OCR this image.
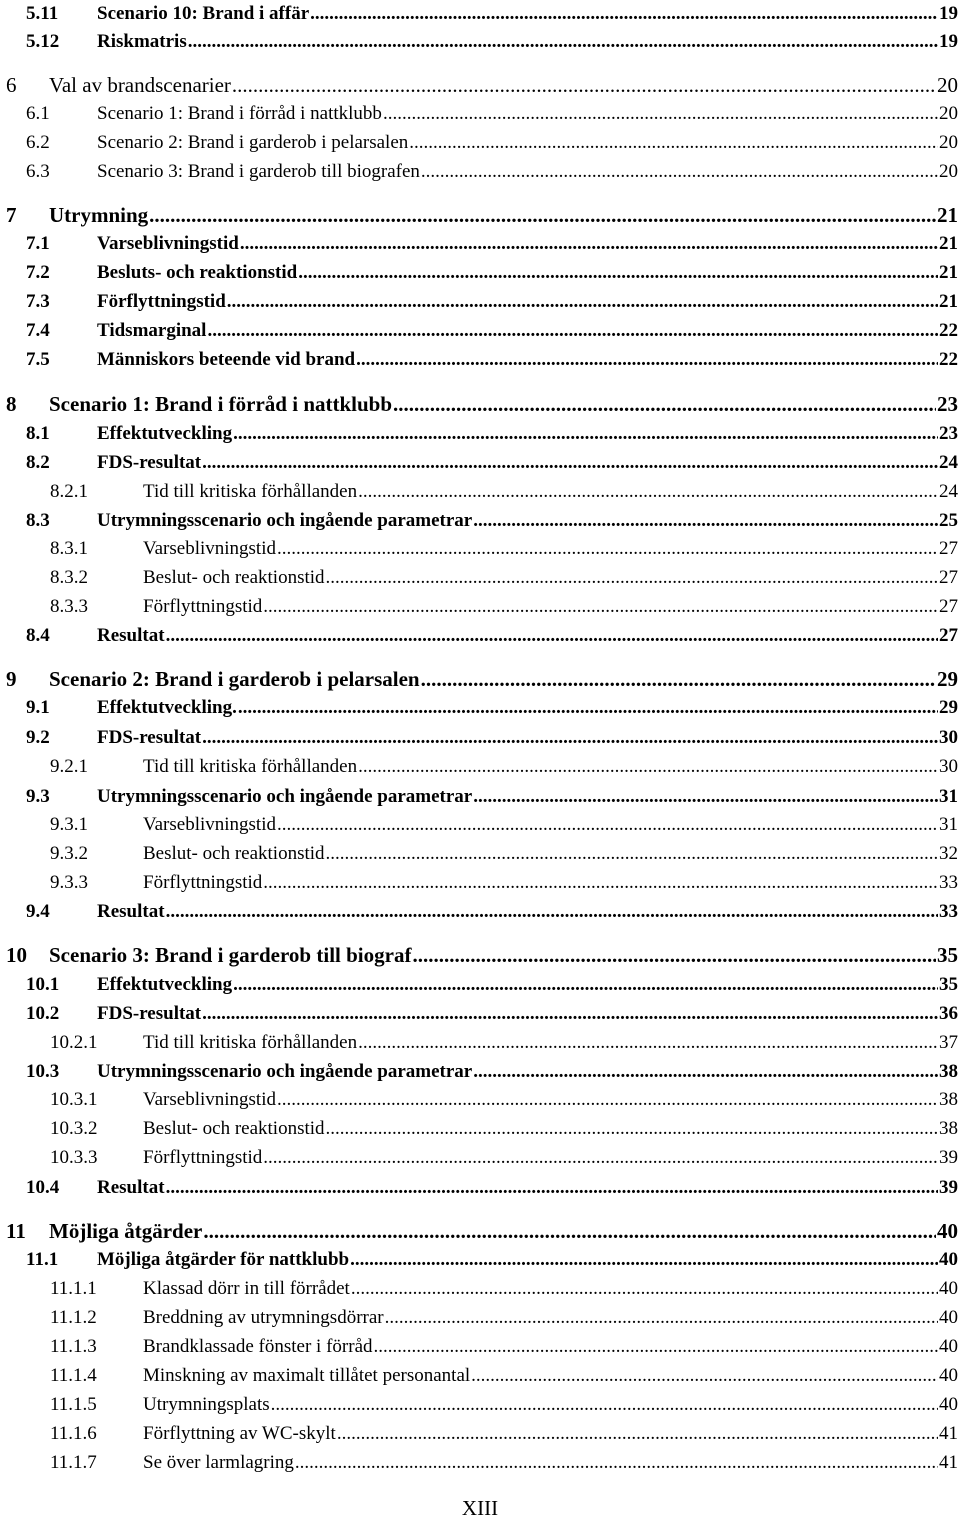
5.11 Scenario 10: Brand i affär .....	19
5.12 Riskmatris .....	19
6 Val av brandscenarier .....	20
6.1 Scenario 1: Brand i förråd i nattklubb .....	20
6.2 Scenario 2: Brand i garderob i pelarsalen .....	20
6.3 Scenario 3: Brand i garderob till biografen .....	20
7 Utrymning .....	21
7.1 Varseblivningstid .....	21
7.2 Besluts- och reaktionstid .....	21
7.3 Förflyttningstid .....	21
7.4 Tidsmarginal .....	22
7.5 Människors beteende vid brand .....	22
8 Scenario 1: Brand i förråd i nattklubb .....	23
8.1 Effektutveckling .....	23
8.2 FDS-resultat .....	24
8.2.1	Tid till kritiska förhållanden .....	24
8.3 Utrymningsscenario och ingående parametrar .....	25
8.3.1	Varseblivningstid .....	27
8.3.2	Beslut- och reaktionstid .....	27
8.3.3	Förflyttningstid .....	27
8.4 Resultat .....	27
9 Scenario 2: Brand i garderob i pelarsalen .....	29
9.1 Effektutveckling. .....	29
9.2 FDS-resultat .....	30
9.2.1	Tid till kritiska förhållanden .....	30
9.3 Utrymningsscenario och ingående parametrar .....	31
9.3.1	Varseblivningstid .....	31
9.3.2	Beslut- och reaktionstid .....	32
9.3.3	Förflyttningstid .....	33
9.4 Resultat .....	33
10 Scenario 3: Brand i garderob till biograf .....	35
10.1 Effektutveckling .....	35
10.2 FDS-resultat .....	36
10.2.1 Tid till kritiska förhållanden .....	37
10.3 Utrymningsscenario och ingående parametrar .....	38
10.3.1 Varseblivningstid .....	38
10.3.2 Beslut- och reaktionstid .....	38
10.3.3 Förflyttningstid .....	39
10.4 Resultat .....	39
11 Möjliga åtgärder .....	40
11.1 Möjliga åtgärder för nattklubb .....	40
11.1.1 Klassad dörr in till förrådet .....	40
11.1.2 Breddning av utrymningsdörrar .....	40
11.1.3 Brandklassade fönster i förråd .....	40
11.1.4 Minskning av maximalt tillåtet personantal .....	40
11.1.5 Utrymningsplats .....	40
11.1.6 Förflyttning av WC-skylt .....	41
11.1.7 Se över larmlagring .....	41
XIII
